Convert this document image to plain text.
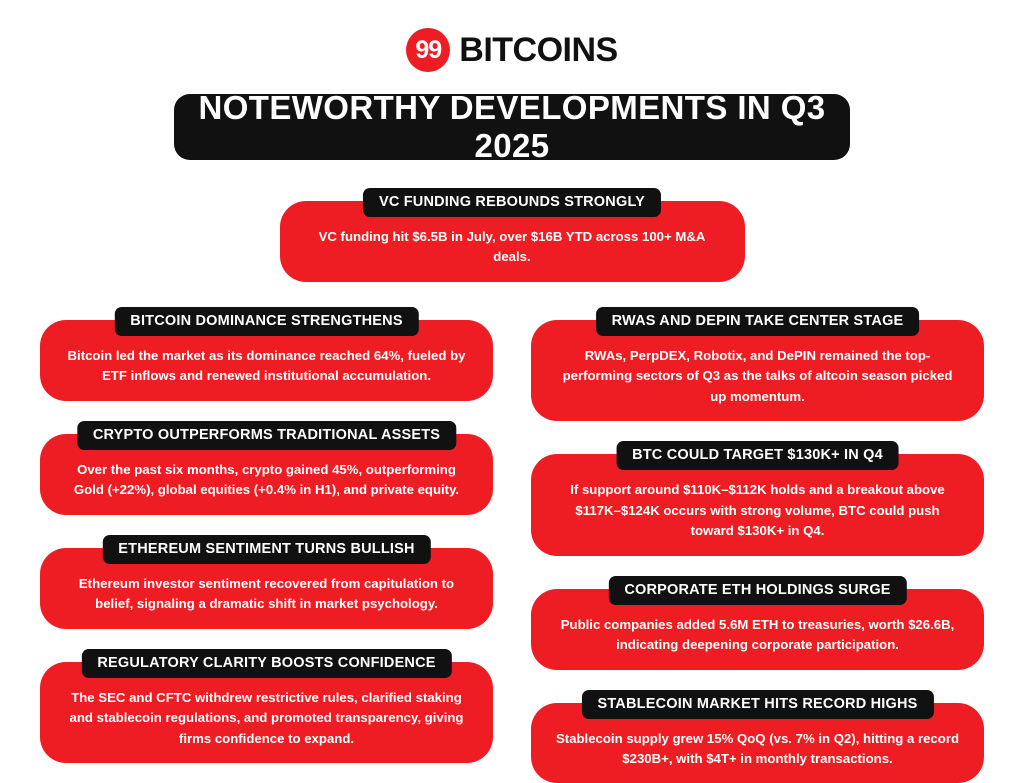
99 BITCOINS
NOTEWORTHY DEVELOPMENTS IN Q3 2025
VC FUNDING REBOUNDS STRONGLY
VC funding hit $6.5B in July, over $16B YTD across 100+ M&A deals.
BITCOIN DOMINANCE STRENGTHENS
Bitcoin led the market as its dominance reached 64%, fueled by ETF inflows and renewed institutional accumulation.
CRYPTO OUTPERFORMS TRADITIONAL ASSETS
Over the past six months, crypto gained 45%, outperforming Gold (+22%), global equities (+0.4% in H1), and private equity.
ETHEREUM SENTIMENT TURNS BULLISH
Ethereum investor sentiment recovered from capitulation to belief, signaling a dramatic shift in market psychology.
REGULATORY CLARITY BOOSTS CONFIDENCE
The SEC and CFTC withdrew restrictive rules, clarified staking and stablecoin regulations, and promoted transparency, giving firms confidence to expand.
RWAS AND DEPIN TAKE CENTER STAGE
RWAs, PerpDEX, Robotix, and DePIN remained the top-performing sectors of Q3 as the talks of altcoin season picked up momentum.
BTC COULD TARGET $130K+ IN Q4
If support around $110K–$112K holds and a breakout above $117K–$124K occurs with strong volume, BTC could push toward $130K+ in Q4.
CORPORATE ETH HOLDINGS SURGE
Public companies added 5.6M ETH to treasuries, worth $26.6B, indicating deepening corporate participation.
STABLECOIN MARKET HITS RECORD HIGHS
Stablecoin supply grew 15% QoQ (vs. 7% in Q2), hitting a record $230B+, with $4T+ in monthly transactions.
